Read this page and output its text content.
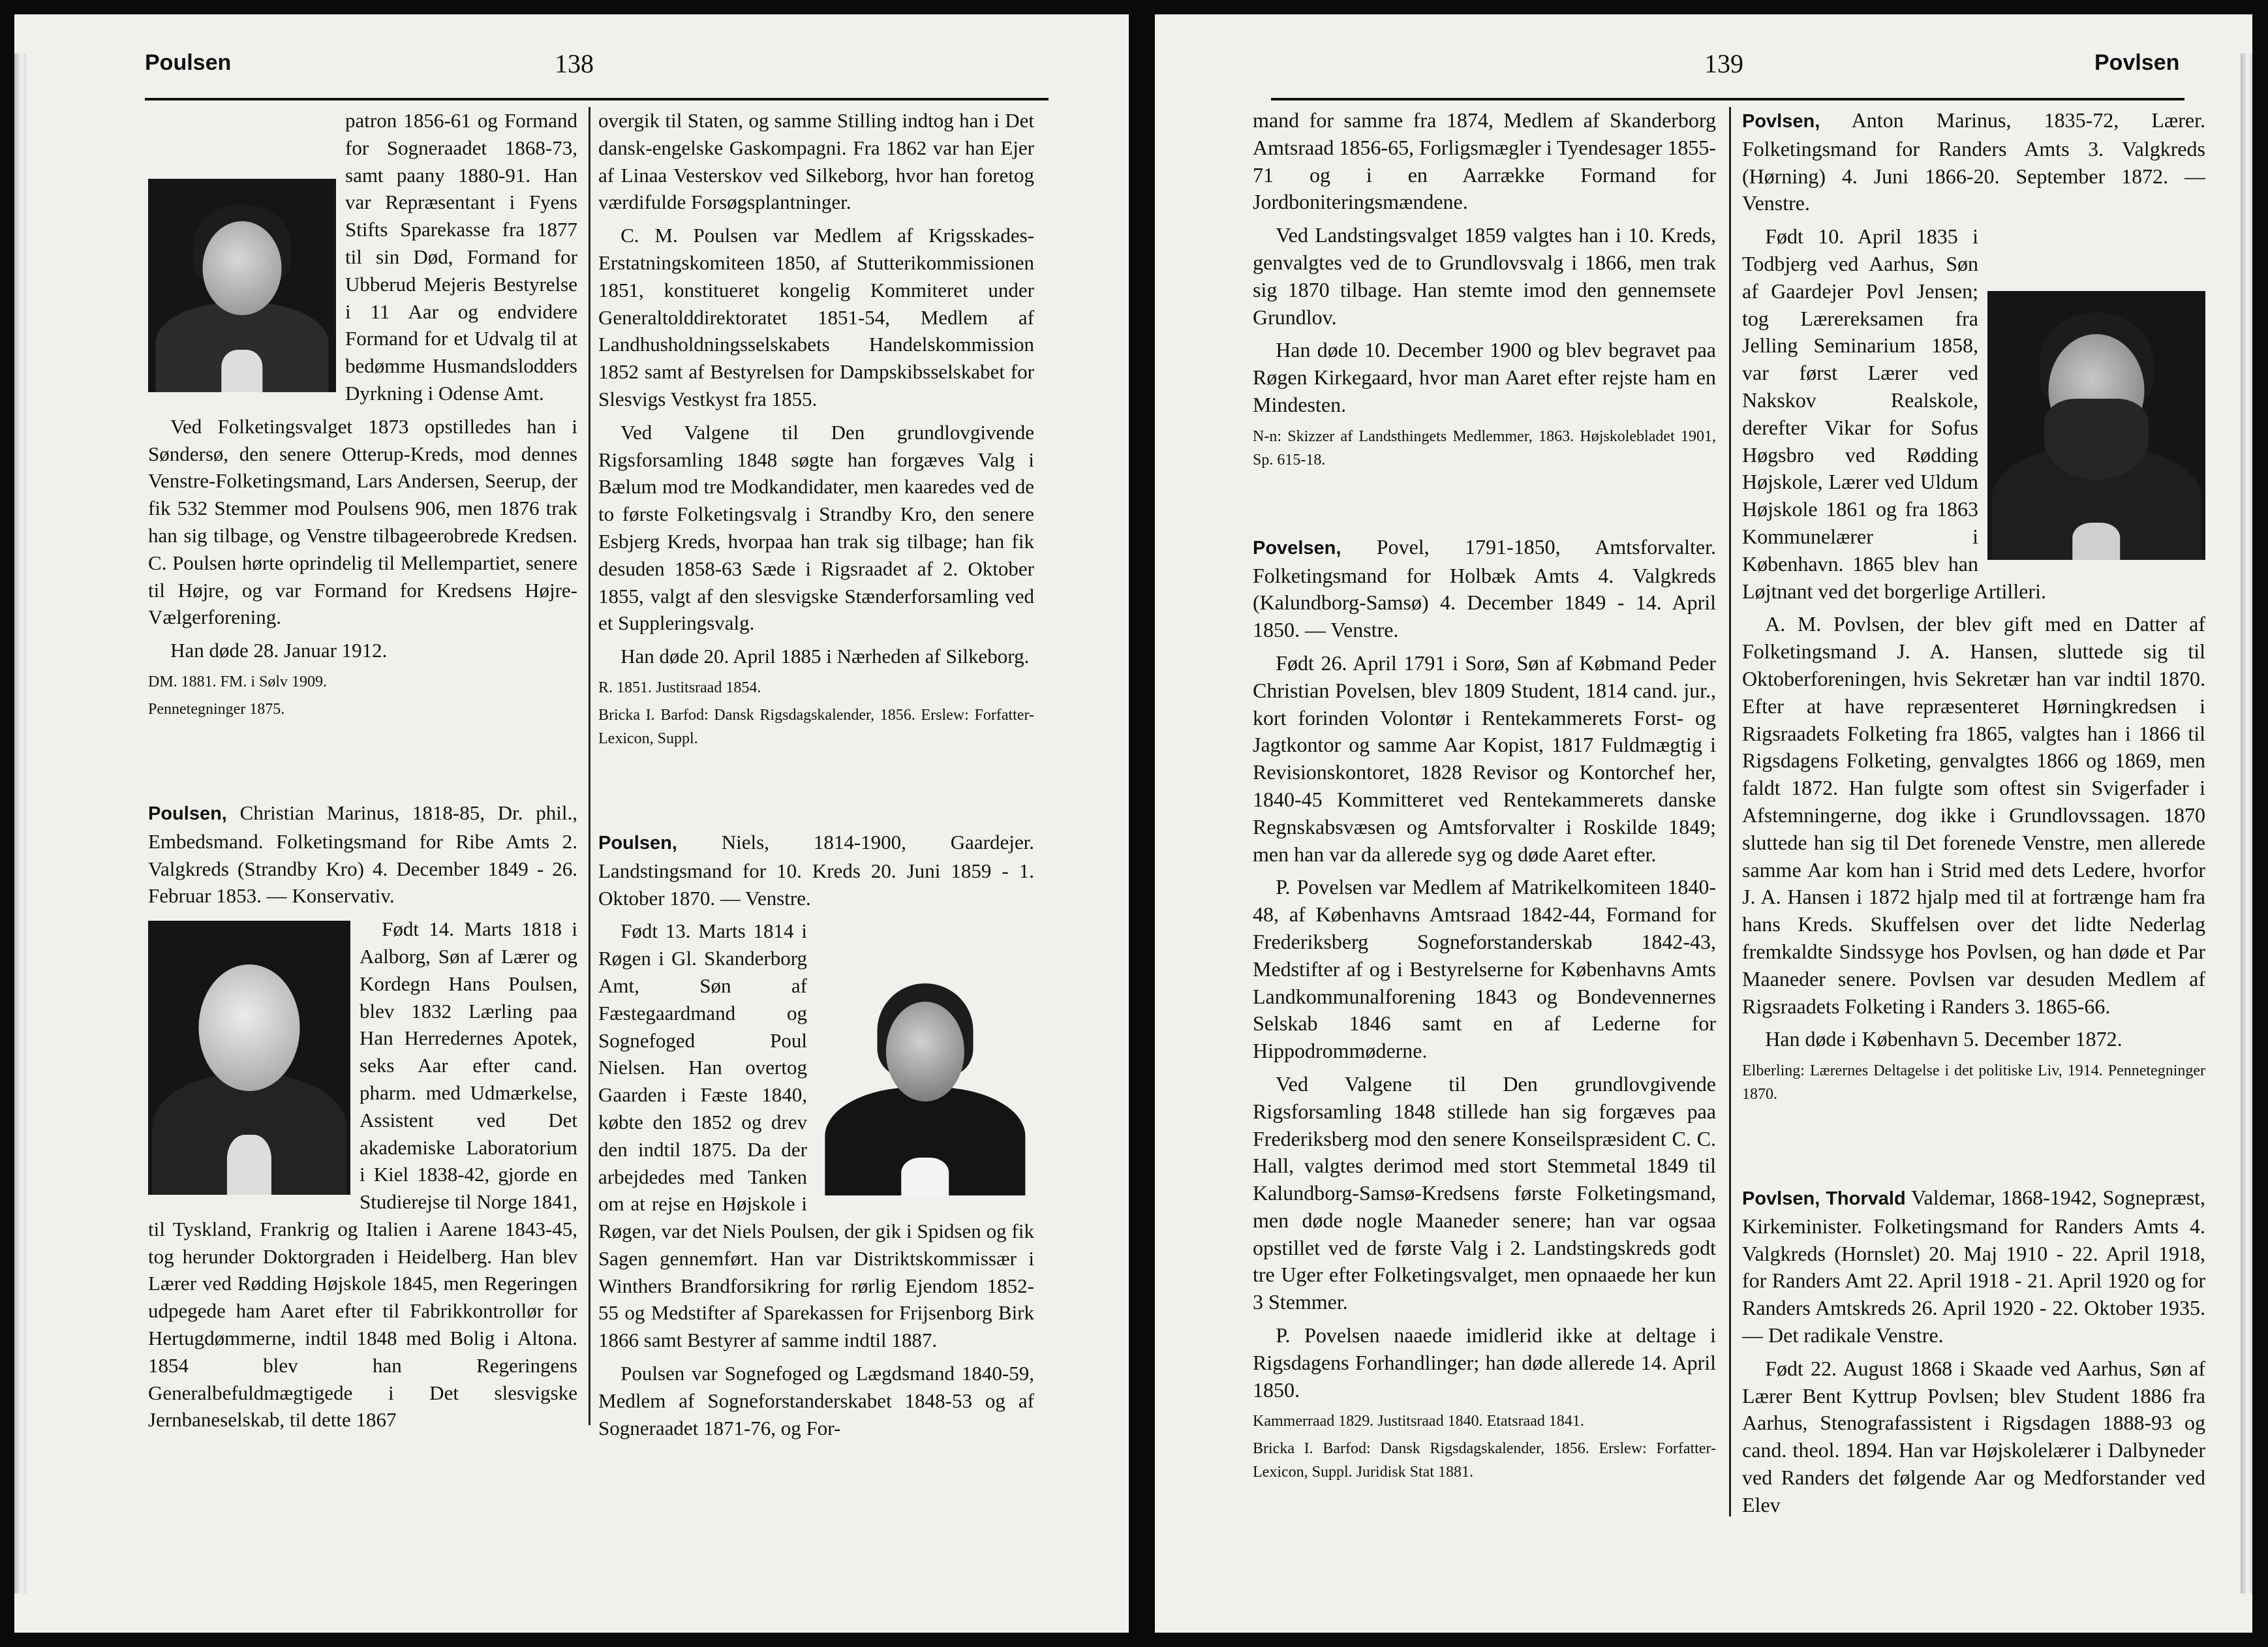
Poulsen	138

patron 1856-61 og Formand for Sogneraadet 1868-73, samt paany 1880-91. Han var Repræsentant i Fyens Stifts Sparekasse fra 1877 til sin Død, Formand for Ubberud Mejeris Bestyrelse i 11 Aar og endvidere Formand for et Udvalg til at bedømme Husmandslodders Dyrkning i Odense Amt.

Ved Folketingsvalget 1873 opstilledes han i Søndersø, den senere Otterup-Kreds, mod dennes Venstre-Folketingsmand, Lars Andersen, Seerup, der fik 532 Stemmer mod Poulsens 906, men 1876 trak han sig tilbage, og Venstre tilbageerobrede Kredsen. C. Poulsen hørte oprindelig til Mellempartiet, senere til Højre, og var Formand for Kredsens Højre-Vælgerforening.

Han døde 28. Januar 1912.

DM. 1881. FM. i Sølv 1909.

Pennetegninger 1875.

Poulsen, Christian Marinus, 1818-85, Dr. phil., Embedsmand. Folketingsmand for Ribe Amts 2. Valgkreds (Strandby Kro) 4. December 1849 - 26. Februar 1853. — Konservativ.

Født 14. Marts 1818 i Aalborg, Søn af Lærer og Kordegn Hans Poulsen, blev 1832 Lærling paa Han Herredernes Apotek, seks Aar efter cand. pharm. med Udmærkelse, Assistent ved Det akademiske Laboratorium i Kiel 1838-42, gjorde en Studierejse til Norge 1841, til Tyskland, Frankrig og Italien i Aarene 1843-45, tog herunder Doktorgraden i Heidelberg. Han blev Lærer ved Rødding Højskole 1845, men Regeringen udpegede ham Aaret efter til Fabrikkontrollør for Hertugdømmerne, indtil 1848 med Bolig i Altona. 1854 blev han Regeringens Generalbefuldmægtigede i Det slesvigske Jernbaneselskab, til dette 1867

overgik til Staten, og samme Stilling indtog han i Det dansk-engelske Gaskompagni. Fra 1862 var han Ejer af Linaa Vesterskov ved Silkeborg, hvor han foretog værdifulde Forsøgsplantninger.

C. M. Poulsen var Medlem af Krigsskades-Erstatningskomiteen 1850, af Stutterikommissionen 1851, konstitueret kongelig Kommiteret under Generaltolddirektoratet 1851-54, Medlem af Landhusholdningsselskabets Handelskommission 1852 samt af Bestyrelsen for Dampskibsselskabet for Slesvigs Vestkyst fra 1855.

Ved Valgene til Den grundlovgivende Rigsforsamling 1848 søgte han forgæves Valg i Bælum mod tre Modkandidater, men kaaredes ved de to første Folketingsvalg i Strandby Kro, den senere Esbjerg Kreds, hvorpaa han trak sig tilbage; han fik desuden 1858-63 Sæde i Rigsraadet af 2. Oktober 1855, valgt af den slesvigske Stænderforsamling ved et Suppleringsvalg.

Han døde 20. April 1885 i Nærheden af Silkeborg.

R. 1851. Justitsraad 1854.

Bricka I. Barfod: Dansk Rigsdagskalender, 1856. Erslew: Forfatter-Lexicon, Suppl.

Poulsen, Niels, 1814-1900, Gaardejer. Landstingsmand for 10. Kreds 20. Juni 1859 - 1. Oktober 1870. — Venstre.

Født 13. Marts 1814 i Røgen i Gl. Skanderborg Amt, Søn af Fæstegaardmand og Sognefoged Poul Nielsen. Han overtog Gaarden i Fæste 1840, købte den 1852 og drev den indtil 1875. Da der arbejdedes med Tanken om at rejse en Højskole i Røgen, var det Niels Poulsen, der gik i Spidsen og fik Sagen gennemført. Han var Distriktskommissær i Winthers Brandforsikring for rørlig Ejendom 1852-55 og Medstifter af Sparekassen for Frijsenborg Birk 1866 samt Bestyrer af samme indtil 1887.

Poulsen var Sognefoged og Lægdsmand 1840-59, Medlem af Sogneforstanderskabet 1848-53 og af Sogneraadet 1871-76, og For-

139	Povlsen

mand for samme fra 1874, Medlem af Skanderborg Amtsraad 1856-65, Forligsmægler i Tyendesager 1855-71 og i en Aarrække Formand for Jordboniteringsmændene.

Ved Landstingsvalget 1859 valgtes han i 10. Kreds, genvalgtes ved de to Grundlovsvalg i 1866, men trak sig 1870 tilbage. Han stemte imod den gennemsete Grundlov.

Han døde 10. December 1900 og blev begravet paa Røgen Kirkegaard, hvor man Aaret efter rejste ham en Mindesten.

N-n: Skizzer af Landsthingets Medlemmer, 1863. Højskolebladet 1901, Sp. 615-18.

Povelsen, Povel, 1791-1850, Amtsforvalter. Folketingsmand for Holbæk Amts 4. Valgkreds (Kalundborg-Samsø) 4. December 1849 - 14. April 1850. — Venstre.

Født 26. April 1791 i Sorø, Søn af Købmand Peder Christian Povelsen, blev 1809 Student, 1814 cand. jur., kort forinden Volontør i Rentekammerets Forst- og Jagtkontor og samme Aar Kopist, 1817 Fuldmægtig i Revisionskontoret, 1828 Revisor og Kontorchef her, 1840-45 Kommitteret ved Rentekammerets danske Regnskabsvæsen og Amtsforvalter i Roskilde 1849; men han var da allerede syg og døde Aaret efter.

P. Povelsen var Medlem af Matrikelkomiteen 1840-48, af Københavns Amtsraad 1842-44, Formand for Frederiksberg Sogneforstanderskab 1842-43, Medstifter af og i Bestyrelserne for Københavns Amts Landkommunalforening 1843 og Bondevennernes Selskab 1846 samt en af Lederne for Hippodrommøderne.

Ved Valgene til Den grundlovgivende Rigsforsamling 1848 stillede han sig forgæves paa Frederiksberg mod den senere Konseilspræsident C. C. Hall, valgtes derimod med stort Stemmetal 1849 til Kalundborg-Samsø-Kredsens første Folketingsmand, men døde nogle Maaneder senere; han var ogsaa opstillet ved de første Valg i 2. Landstingskreds godt tre Uger efter Folketingsvalget, men opnaaede her kun 3 Stemmer.

P. Povelsen naaede imidlerid ikke at deltage i Rigsdagens Forhandlinger; han døde allerede 14. April 1850.

Kammerraad 1829. Justitsraad 1840. Etatsraad 1841.

Bricka I. Barfod: Dansk Rigsdagskalender, 1856. Erslew: Forfatter-Lexicon, Suppl. Juridisk Stat 1881.

Povlsen, Anton Marinus, 1835-72, Lærer. Folketingsmand for Randers Amts 3. Valgkreds (Hørning) 4. Juni 1866-20. September 1872. — Venstre.

Født 10. April 1835 i Todbjerg ved Aarhus, Søn af Gaardejer Povl Jensen; tog Lærereksamen fra Jelling Seminarium 1858, var først Lærer ved Nakskov Realskole, derefter Vikar for Sofus Høgsbro ved Rødding Højskole, Lærer ved Uldum Højskole 1861 og fra 1863 Kommunelærer i København. 1865 blev han Løjtnant ved det borgerlige Artilleri.

A. M. Povlsen, der blev gift med en Datter af Folketingsmand J. A. Hansen, sluttede sig til Oktoberforeningen, hvis Sekretær han var indtil 1870. Efter at have repræsenteret Hørningkredsen i Rigsraadets Folketing fra 1865, valgtes han i 1866 til Rigsdagens Folketing, genvalgtes 1866 og 1869, men faldt 1872. Han fulgte som oftest sin Svigerfader i Afstemningerne, dog ikke i Grundlovssagen. 1870 sluttede han sig til Det forenede Venstre, men allerede samme Aar kom han i Strid med dets Ledere, hvorfor J. A. Hansen i 1872 hjalp med til at fortrænge ham fra hans Kreds. Skuffelsen over det lidte Nederlag fremkaldte Sindssyge hos Povlsen, og han døde et Par Maaneder senere. Povlsen var desuden Medlem af Rigsraadets Folketing i Randers 3. 1865-66.

Han døde i København 5. December 1872.

Elberling: Lærernes Deltagelse i det politiske Liv, 1914. Pennetegninger 1870.

Povlsen, Thorvald Valdemar, 1868-1942, Sognepræst, Kirkeminister. Folketingsmand for Randers Amts 4. Valgkreds (Hornslet) 20. Maj 1910 - 22. April 1918, for Randers Amt 22. April 1918 - 21. April 1920 og for Randers Amtskreds 26. April 1920 - 22. Oktober 1935. — Det radikale Venstre.

Født 22. August 1868 i Skaade ved Aarhus, Søn af Lærer Bent Kyttrup Povlsen; blev Student 1886 fra Aarhus, Stenografassistent i Rigsdagen 1888-93 og cand. theol. 1894. Han var Højskolelærer i Dalbyneder ved Randers det følgende Aar og Medforstander ved Elev
